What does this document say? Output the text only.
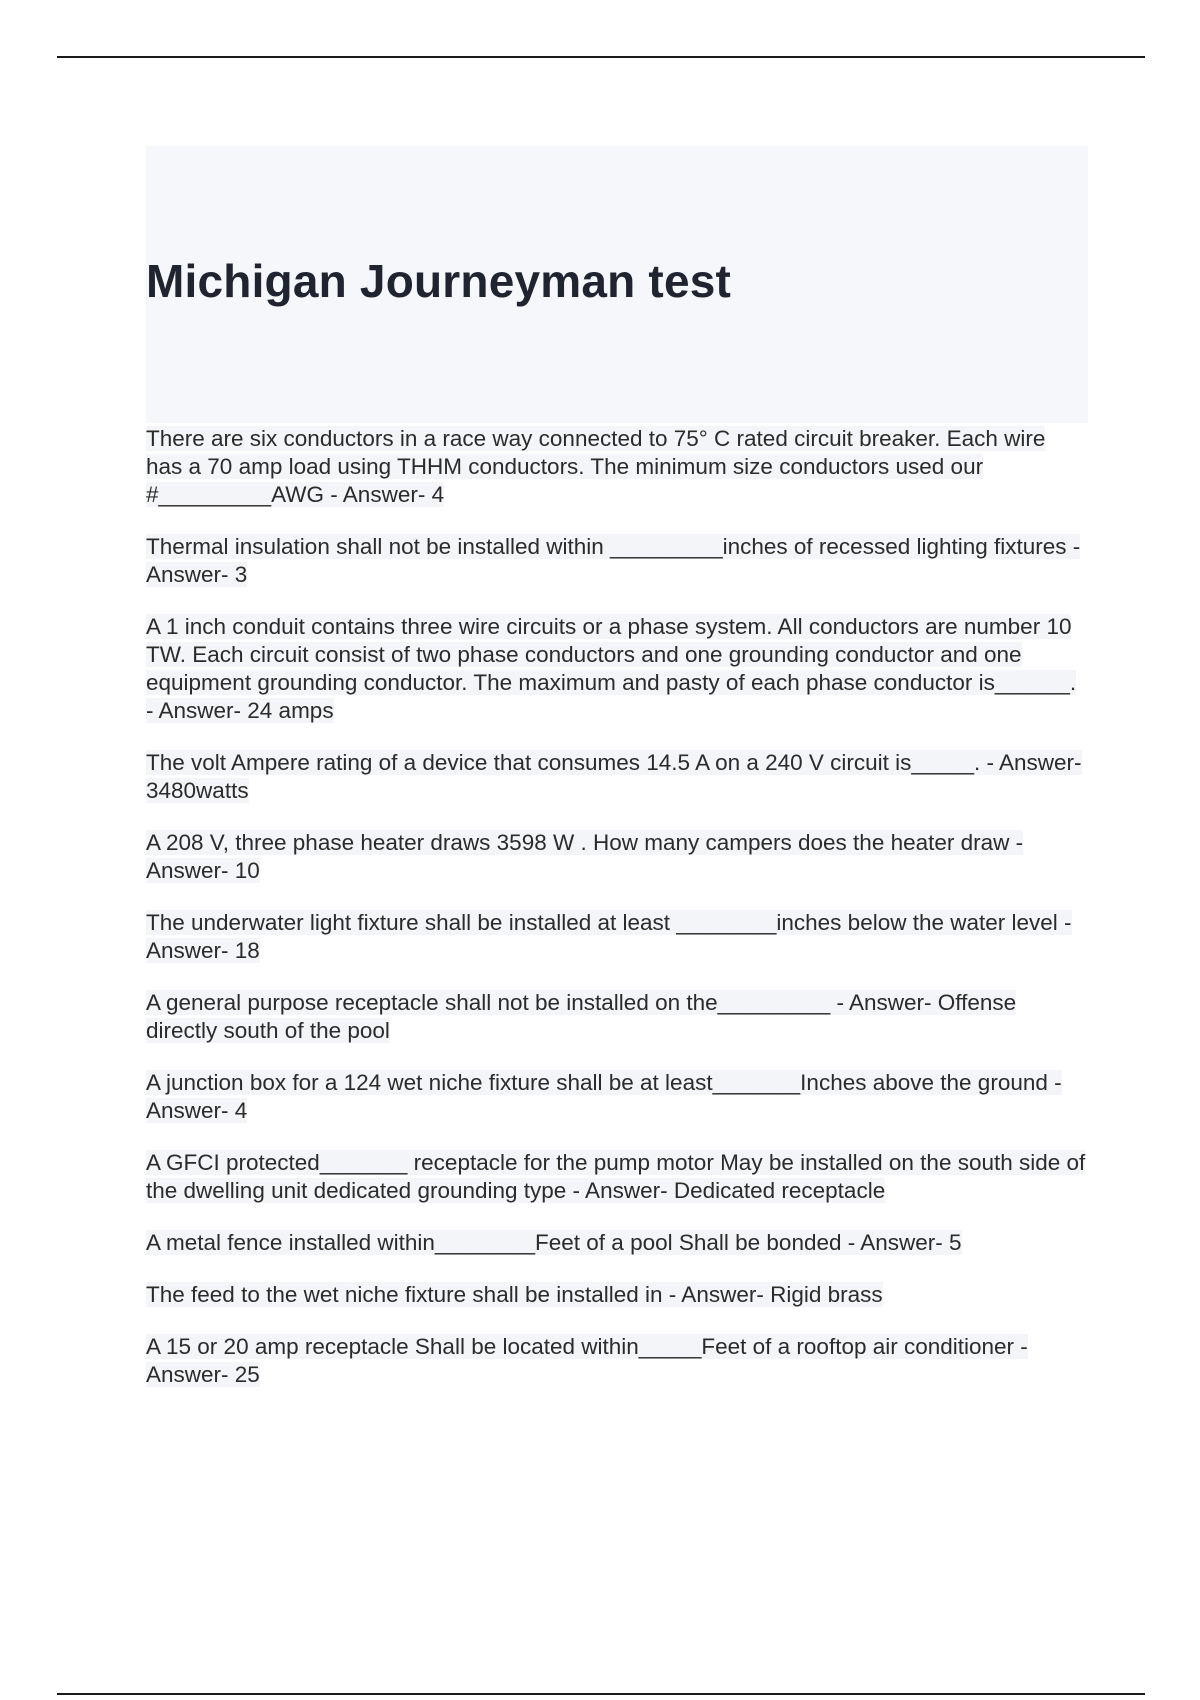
Michigan Journeyman test

There are six conductors in a race way connected to 75° C rated circuit breaker. Each wire has a 70 amp load using THHM conductors. The minimum size conductors used our #_________AWG - Answer- 4

Thermal insulation shall not be installed within _________inches of recessed lighting fixtures - Answer- 3

A 1 inch conduit contains three wire circuits or a phase system. All conductors are number 10 TW. Each circuit consist of two phase conductors and one grounding conductor and one equipment grounding conductor. The maximum and pasty of each phase conductor is______. - Answer- 24 amps

The volt Ampere rating of a device that consumes 14.5 A on a 240 V circuit is_____. - Answer- 3480watts

A 208 V, three phase heater draws 3598 W . How many campers does the heater draw - Answer- 10

The underwater light fixture shall be installed at least ________inches below the water level - Answer- 18

A general purpose receptacle shall not be installed on the_________ - Answer- Offense directly south of the pool

A junction box for a 124 wet niche fixture shall be at least_______Inches above the ground - Answer- 4

A GFCI protected_______ receptacle for the pump motor May be installed on the south side of the dwelling unit dedicated grounding type - Answer- Dedicated receptacle

A metal fence installed within________Feet of a pool Shall be bonded - Answer- 5

The feed to the wet niche fixture shall be installed in - Answer- Rigid brass

A 15 or 20 amp receptacle Shall be located within_____Feet of a rooftop air conditioner - Answer- 25
